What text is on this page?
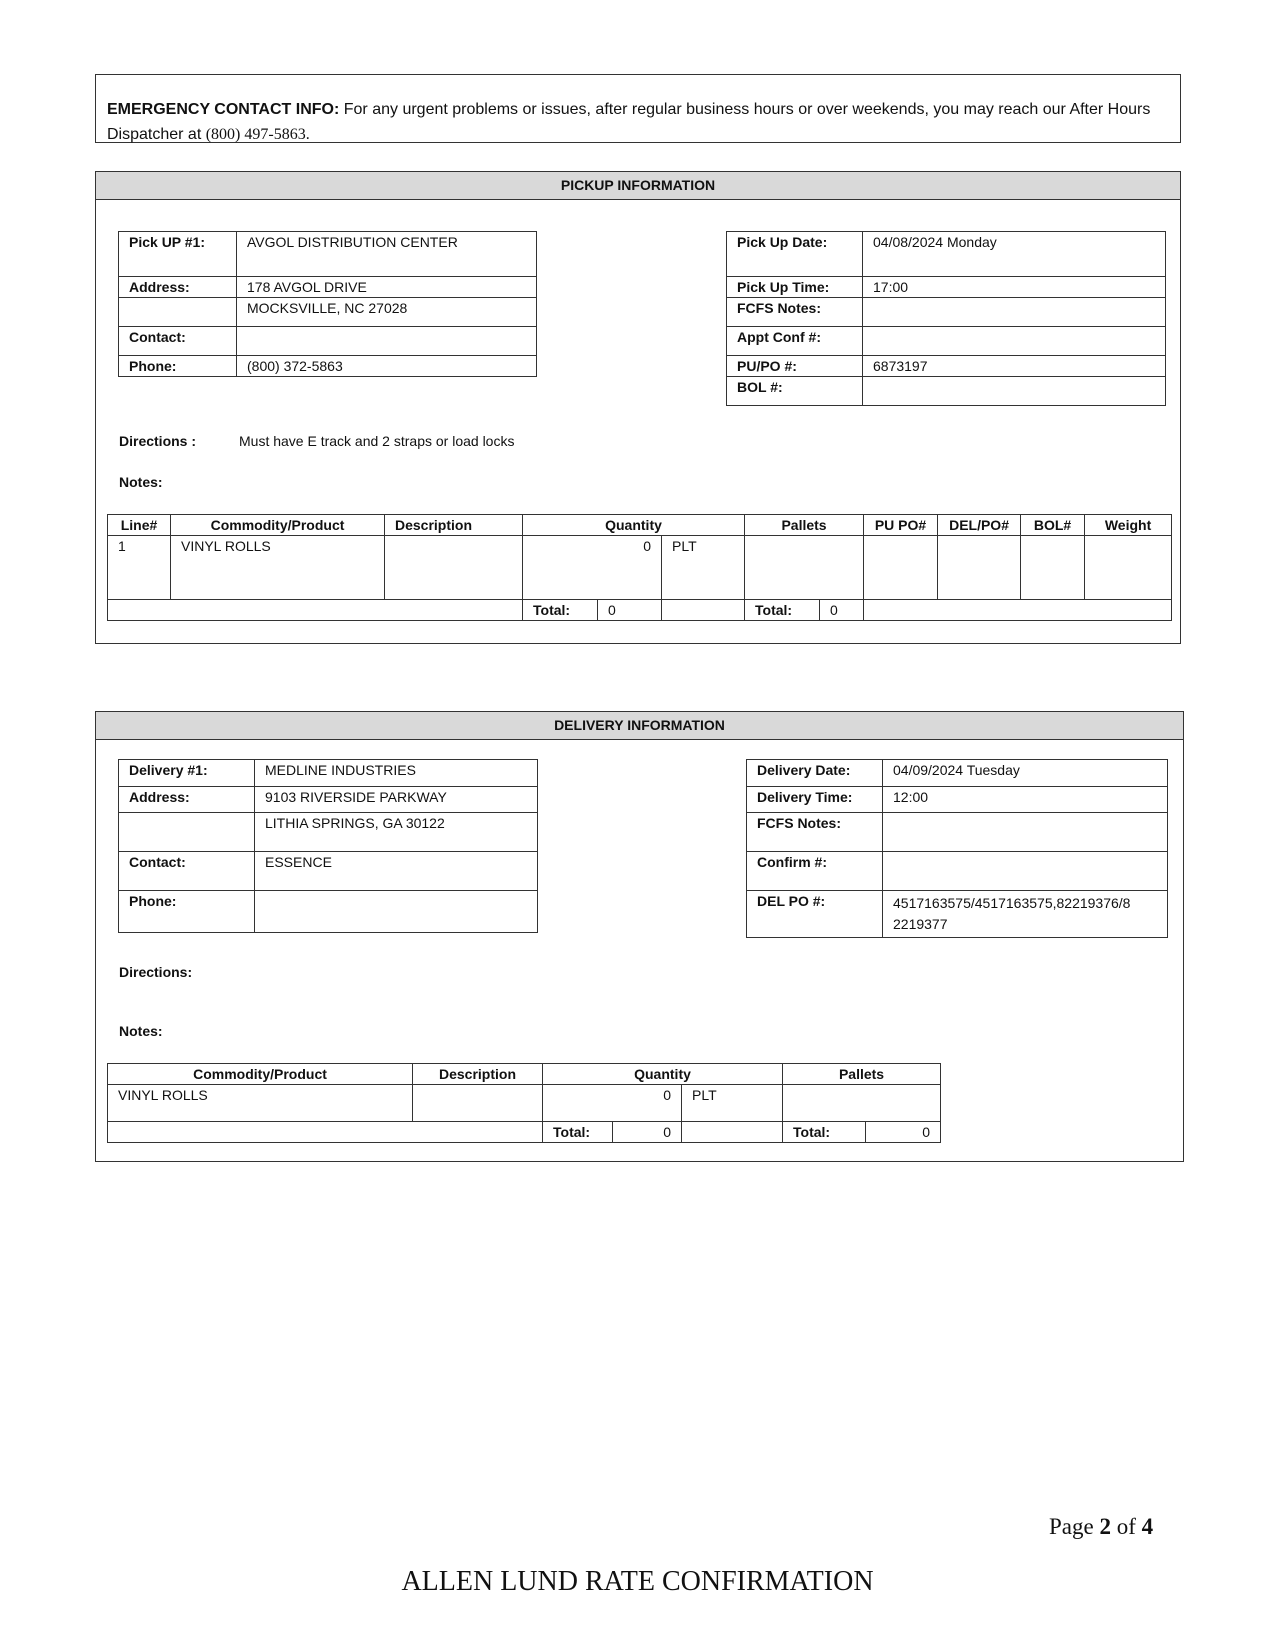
EMERGENCY CONTACT INFO: For any urgent problems or issues, after regular business hours or over weekends, you may reach our After Hours Dispatcher at (800) 497-5863.
PICKUP INFORMATION
Pick UP #1:	AVGOL DISTRIBUTION CENTER
Address:	178 AVGOL DRIVE
	MOCKSVILLE, NC 27028
Contact:	
Phone:	(800) 372-5863
Pick Up Date:	04/08/2024 Monday
Pick Up Time:	17:00
FCFS Notes:	
Appt Conf #:	
PU/PO #:	6873197
BOL #:	
Directions :	Must have E track and 2 straps or load locks
Notes:
Line#	Commodity/Product	Description	Quantity			Pallets		PU PO#	DEL/PO#	BOL#	Weight
1	VINYL ROLLS		0		PLT						
			Total:	0		Total:	0				
DELIVERY INFORMATION
Delivery #1:	MEDLINE INDUSTRIES
Address:	9103 RIVERSIDE PARKWAY
	LITHIA SPRINGS, GA 30122
Contact:	ESSENCE
Phone:	
Delivery Date:	04/09/2024 Tuesday
Delivery Time:	12:00
FCFS Notes:	
Confirm #:	
DEL PO #:	4517163575/4517163575,82219376/8
2219377
Directions:
Notes:
Commodity/Product	Description	Quantity			Pallets	
VINYL ROLLS		0		PLT		
		Total:	0		Total:	0
Page 2 of 4
ALLEN LUND RATE CONFIRMATION
